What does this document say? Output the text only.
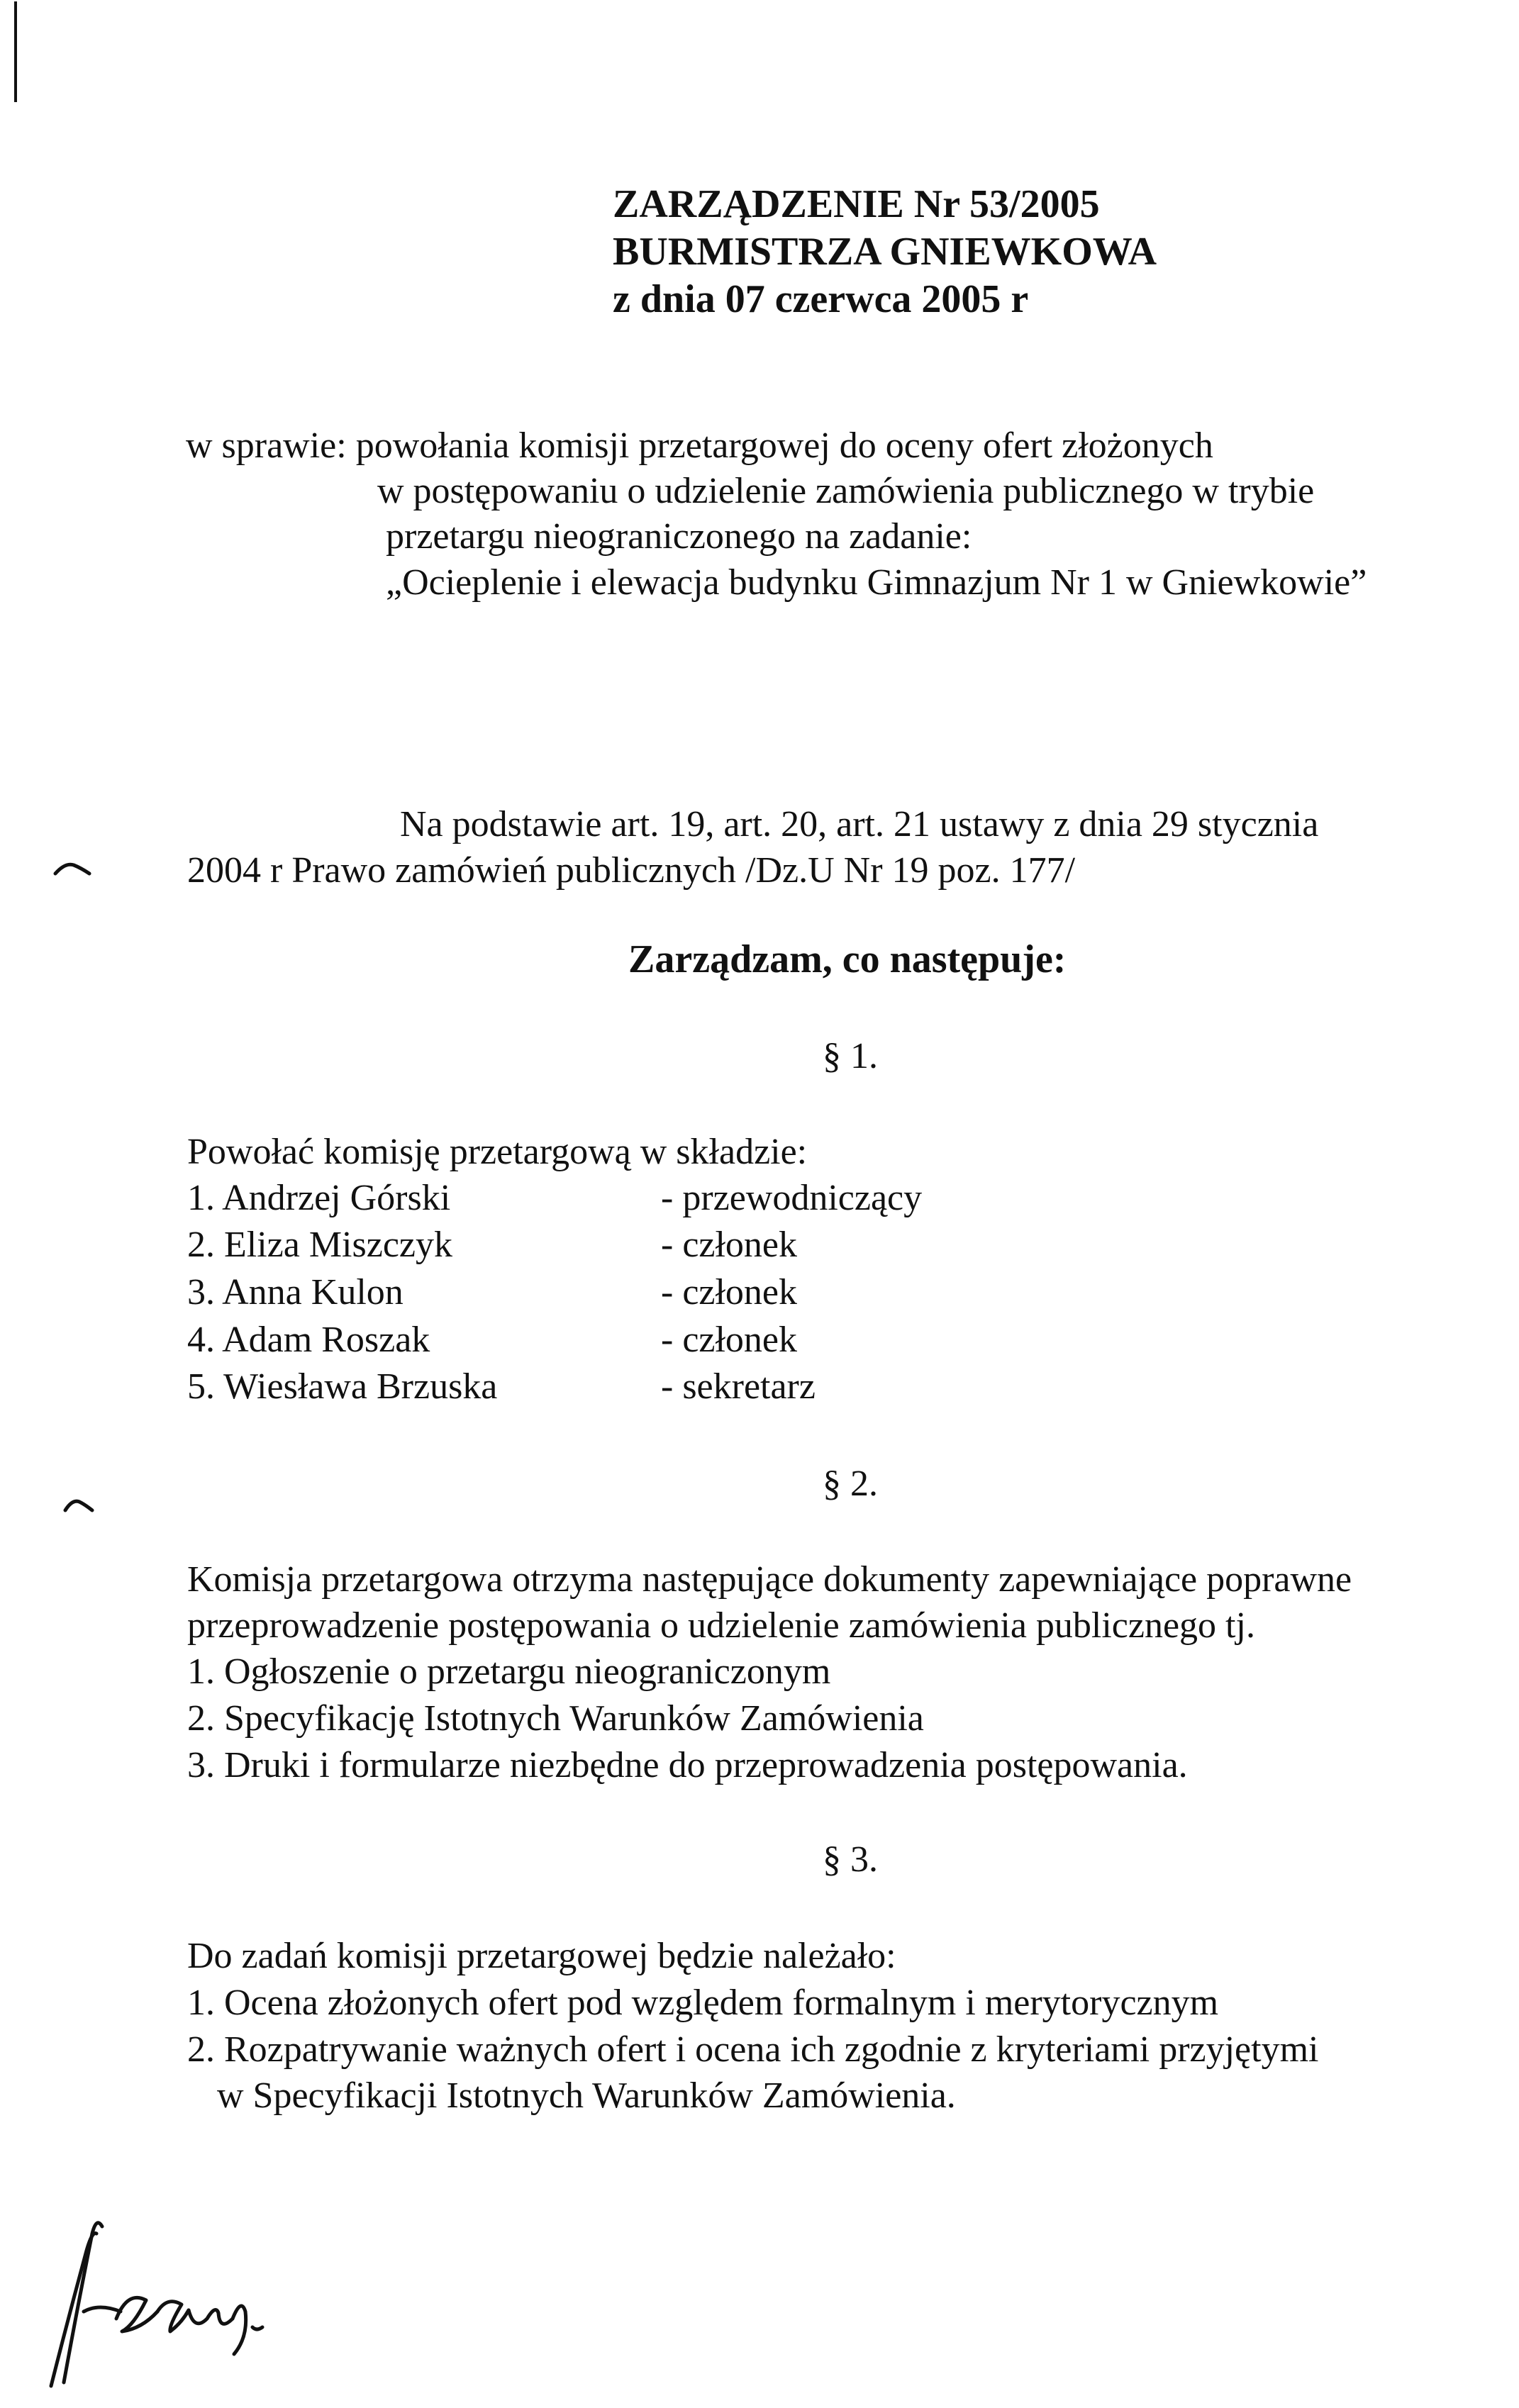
ZARZĄDZENIE Nr 53/2005
BURMISTRZA GNIEWKOWA
z dnia 07 czerwca 2005 r
w sprawie: powołania komisji przetargowej do oceny ofert złożonych
w postępowaniu o udzielenie zamówienia publicznego w trybie
przetargu nieograniczonego na zadanie:
„Ocieplenie i elewacja budynku Gimnazjum Nr 1 w Gniewkowie”
Na podstawie art. 19, art. 20, art. 21 ustawy z dnia 29 stycznia
2004 r Prawo zamówień publicznych /Dz.U Nr 19 poz. 177/
Zarządzam, co następuje:
§ 1.
Powołać komisję przetargową w składzie:
1. Andrzej Górski	- przewodniczący
2. Eliza Miszczyk	- członek
3. Anna Kulon	- członek
4. Adam Roszak	- członek
5. Wiesława Brzuska	- sekretarz
§ 2.
Komisja przetargowa otrzyma następujące dokumenty zapewniające poprawne
przeprowadzenie postępowania o udzielenie zamówienia publicznego tj.
1. Ogłoszenie o przetargu nieograniczonym
2. Specyfikację Istotnych Warunków Zamówienia
3. Druki i formularze niezbędne do przeprowadzenia postępowania.
§ 3.
Do zadań komisji przetargowej będzie należało:
1. Ocena złożonych ofert pod względem formalnym i merytorycznym
2. Rozpatrywanie ważnych ofert i ocena ich zgodnie z kryteriami przyjętymi
w Specyfikacji Istotnych Warunków Zamówienia.
